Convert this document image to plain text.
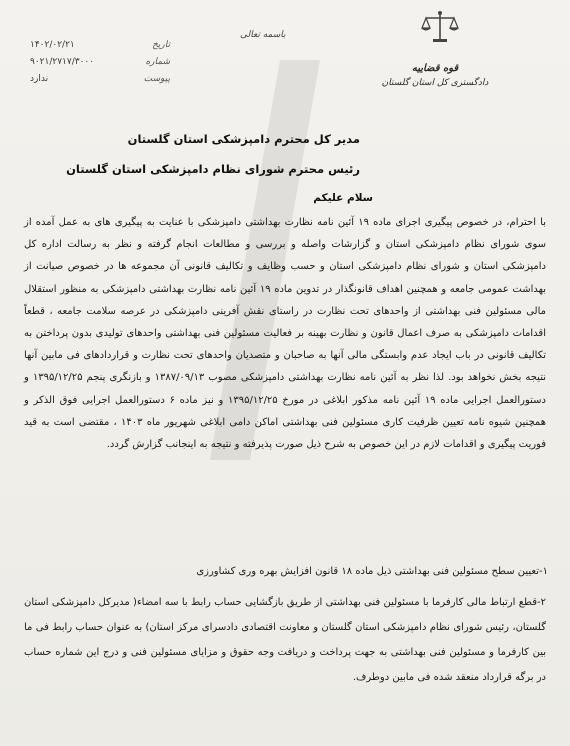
باسمه تعالی
۱۴۰۲/۰۲/۲۱	تاریخ
۹۰۲۱/۲۷۱۷/۳۰۰۰	شماره
ندارد	پیوست
قوه قضاییه
دادگستری کل استان گلستان
مدیر کل محترم دامپزشکی استان گلستان
رئیس محترم شورای نظام دامپزشکی استان گلستان
سلام علیکم

با احترام، در خصوص پیگیری اجرای ماده ۱۹ آئین نامه نظارت بهداشتی دامپزشکی با عنایت به پیگیری های به عمل آمده از سوی شورای نظام دامپزشکی استان و گزارشات واصله و بررسی و مطالعات انجام گرفته و نظر به رسالت اداره کل دامپزشکی استان و شورای نظام دامپزشکی استان و حسب وظایف و تکالیف قانونی آن مجموعه ها در خصوص صیانت از بهداشت عمومی جامعه و همچنین اهداف قانونگذار در تدوین ماده ۱۹ آئین نامه نظارت بهداشتی دامپزشکی به منظور استقلال مالی مسئولین فنی بهداشتی از واحدهای تحت نظارت در راستای نقش آفرینی دامپزشکی در عرصه سلامت جامعه ، قطعاً اقدامات دامپزشکی به صرف اعمال قانون و نظارت بهینه بر فعالیت مسئولین فنی بهداشتی واحدهای تولیدی بدون پرداختن به تکالیف قانونی در باب ایجاد عدم وابستگی مالی آنها به صاحبان و متصدیان واحدهای تحت نظارت و قراردادهای فی مابین آنها نتیجه بخش نخواهد بود. لذا نظر به آئین نامه نظارت بهداشتی دامپزشکی مصوب ۱۳۸۷/۰۹/۱۳ و بازنگری پنجم ۱۳۹۵/۱۲/۲۵ و دستورالعمل اجرایی ماده ۱۹ آئین نامه مذکور ابلاغی در مورخ ۱۳۹۵/۱۲/۲۵ و نیز ماده ۶ دستورالعمل اجرایی فوق الذکر و همچنین شیوه نامه تعیین ظرفیت کاری مسئولین فنی بهداشتی اماکن دامی ابلاغی شهریور ماه ۱۴۰۳ ، مقتضی است به قید فوریت پیگیری و اقدامات لازم در این خصوص به شرح ذیل صورت پذیرفته و نتیجه به اینجانب گزارش گردد.

۱-تعیین سطح مسئولین فنی بهداشتی ذیل ماده ۱۸ قانون افزایش بهره وری کشاورزی

۲-قطع ارتباط مالی کارفرما با مسئولین فنی بهداشتی از طریق بازگشایی حساب رابط با سه امضاء( مدیرکل دامپزشکی استان گلستان، رئیس شورای نظام دامپزشکی استان گلستان و معاونت اقتصادی دادسرای مرکز استان) به عنوان حساب رابط فی ما بین کارفرما و مسئولین فنی بهداشتی به جهت پرداخت و دریافت وجه حقوق و مزایای مسئولین فنی و درج این شماره حساب در برگه قرارداد منعقد شده فی مابین دوطرف.
